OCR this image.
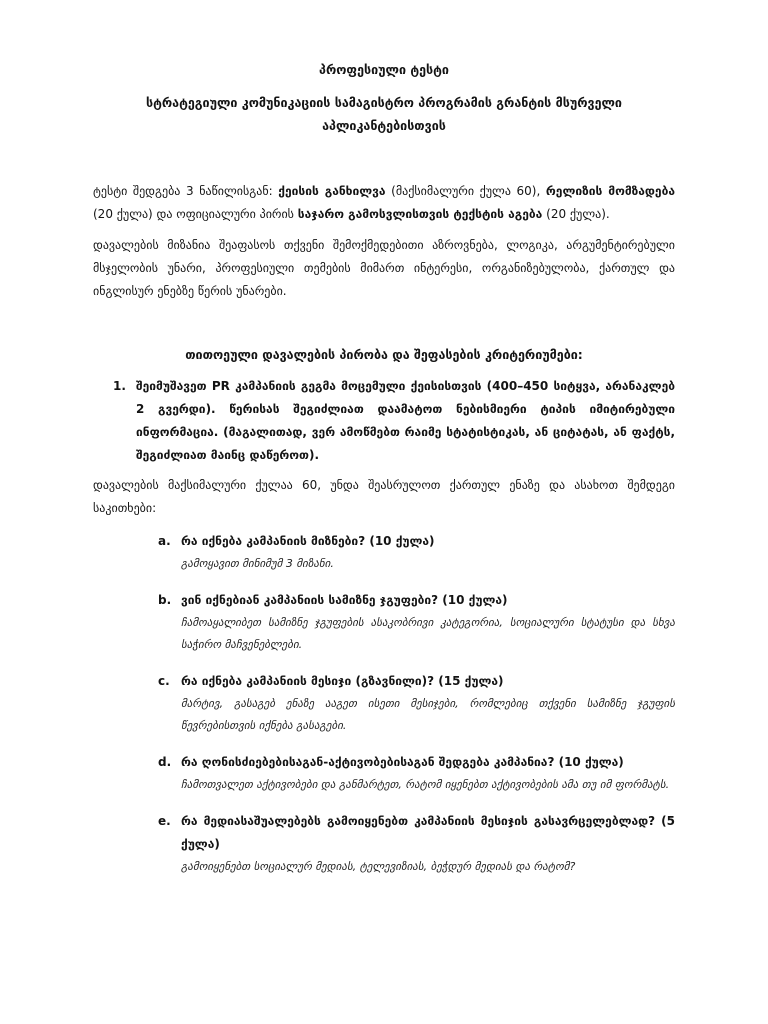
პროფესიული ტესტი
სტრატეგიული კომუნიკაციის სამაგისტრო პროგრამის გრანტის მსურველი აპლიკანტებისთვის

ტესტი შედგება 3 ნაწილისგან: ქეისის განხილვა (მაქსიმალური ქულა 60), რელიზის მომზადება (20 ქულა) და ოფიციალური პირის საჯარო გამოსვლისთვის ტექსტის აგება (20 ქულა).

დავალების მიზანია შეაფასოს თქვენი შემოქმედებითი აზროვნება, ლოგიკა, არგუმენტირებული მსჯელობის უნარი, პროფესიული თემების მიმართ ინტერესი, ორგანიზებულობა, ქართულ და ინგლისურ ენებზე წერის უნარები.

თითოეული დავალების პირობა და შეფასების კრიტერიუმები:
1. შეიმუშავეთ PR კამპანიის გეგმა მოცემული ქეისისთვის (400–450 სიტყვა, არანაკლებ 2 გვერდი). წერისას შეგიძლიათ დაამატოთ ნებისმიერი ტიპის იმიტირებული ინფორმაცია. (მაგალითად, ვერ ამოწმებთ რაიმე სტატისტიკას, ან ციტატას, ან ფაქტს, შეგიძლიათ მაინც დაწეროთ).

დავალების მაქსიმალური ქულაა 60, უნდა შეასრულოთ ქართულ ენაზე და ასახოთ შემდეგი საკითხები:

a. რა იქნება კამპანიის მიზნები? (10 ქულა)
გამოყავით მინიმუმ 3 მიზანი.
b. ვინ იქნებიან კამპანიის სამიზნე ჯგუფები? (10 ქულა)
ჩამოაყალიბეთ სამიზნე ჯგუფების ასაკობრივი კატეგორია, სოციალური სტატუსი და სხვა საჭირო მაჩვენებლები.
c. რა იქნება კამპანიის მესიჯი (გზავნილი)? (15 ქულა)
მარტივ, გასაგებ ენაზე ააგეთ ისეთი მესიჯები, რომლებიც თქვენი სამიზნე ჯგუფის წევრებისთვის იქნება გასაგები.
d. რა ღონისძიებებისაგან-აქტივობებისაგან შედგება კამპანია? (10 ქულა)
ჩამოთვალეთ აქტივობები და განმარტეთ, რატომ იყენებთ აქტივობების ამა თუ იმ ფორმატს.
e. რა მედიასაშუალებებს გამოიყენებთ კამპანიის მესიჯის გასავრცელებლად? (5 ქულა)
გამოიყენებთ სოციალურ მედიას, ტელევიზიას, ბეჭდურ მედიას და რატომ?
